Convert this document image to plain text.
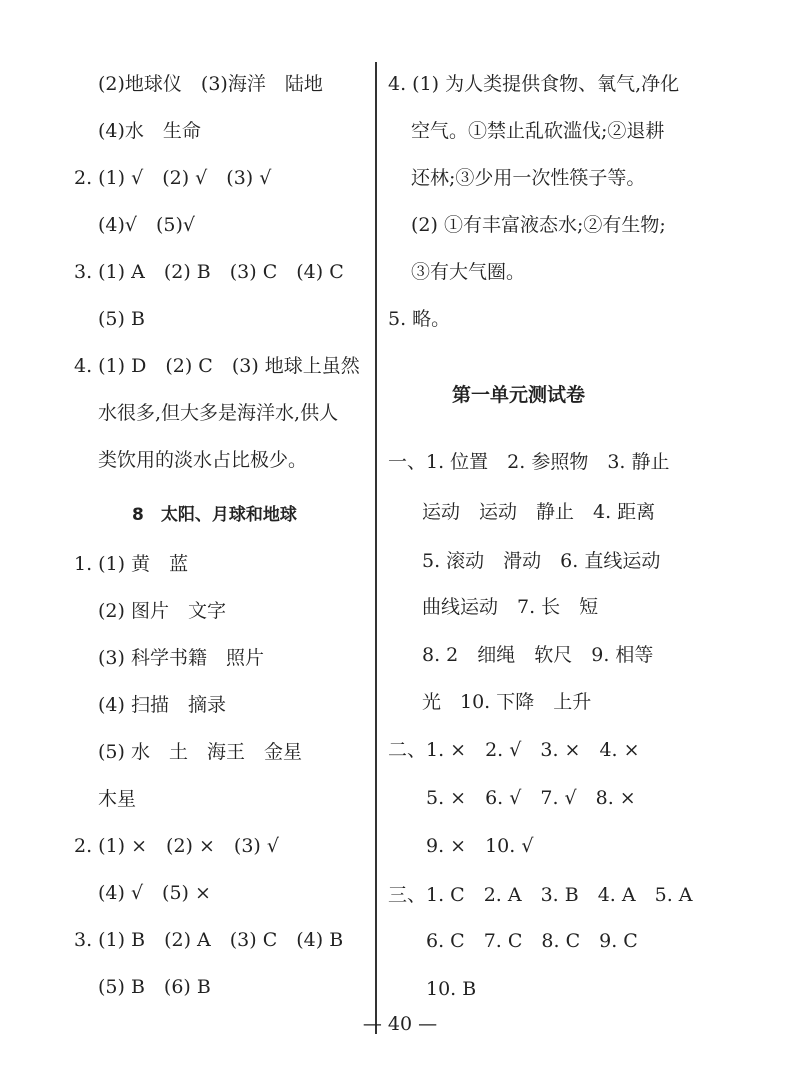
(2)地球仪　(3)海洋　陆地
(4)水　生命
2. (1) √　(2) √　(3) √
(4)√　(5)√
3. (1) A　(2) B　(3) C　(4) C
(5) B
4. (1) D　(2) C　(3) 地球上虽然
水很多,但大多是海洋水,供人
类饮用的淡水占比极少。
8　太阳、月球和地球
1. (1) 黄　蓝
(2) 图片　文字
(3) 科学书籍　照片
(4) 扫描　摘录
(5) 水　土　海王　金星
木星
2. (1) ×　(2) ×　(3) √
(4) √　(5) ×
3. (1) B　(2) A　(3) C　(4) B
(5) B　(6) B
4. (1) 为人类提供食物、氧气,净化
空气。①禁止乱砍滥伐;②退耕
还林;③少用一次性筷子等。
(2) ①有丰富液态水;②有生物;
③有大气圈。
5. 略。
第一单元测试卷
一、1. 位置　2. 参照物　3. 静止
运动　运动　静止　4. 距离
5. 滚动　滑动　6. 直线运动
曲线运动　7. 长　短
8. 2　细绳　软尺　9. 相等
光　10. 下降　上升
二、1. ×　2. √　3. ×　4. ×
5. ×　6. √　7. √　8. ×
9. ×　10. √
三、1. C　2. A　3. B　4. A　5. A
6. C　7. C　8. C　9. C
10. B
— 40 —
